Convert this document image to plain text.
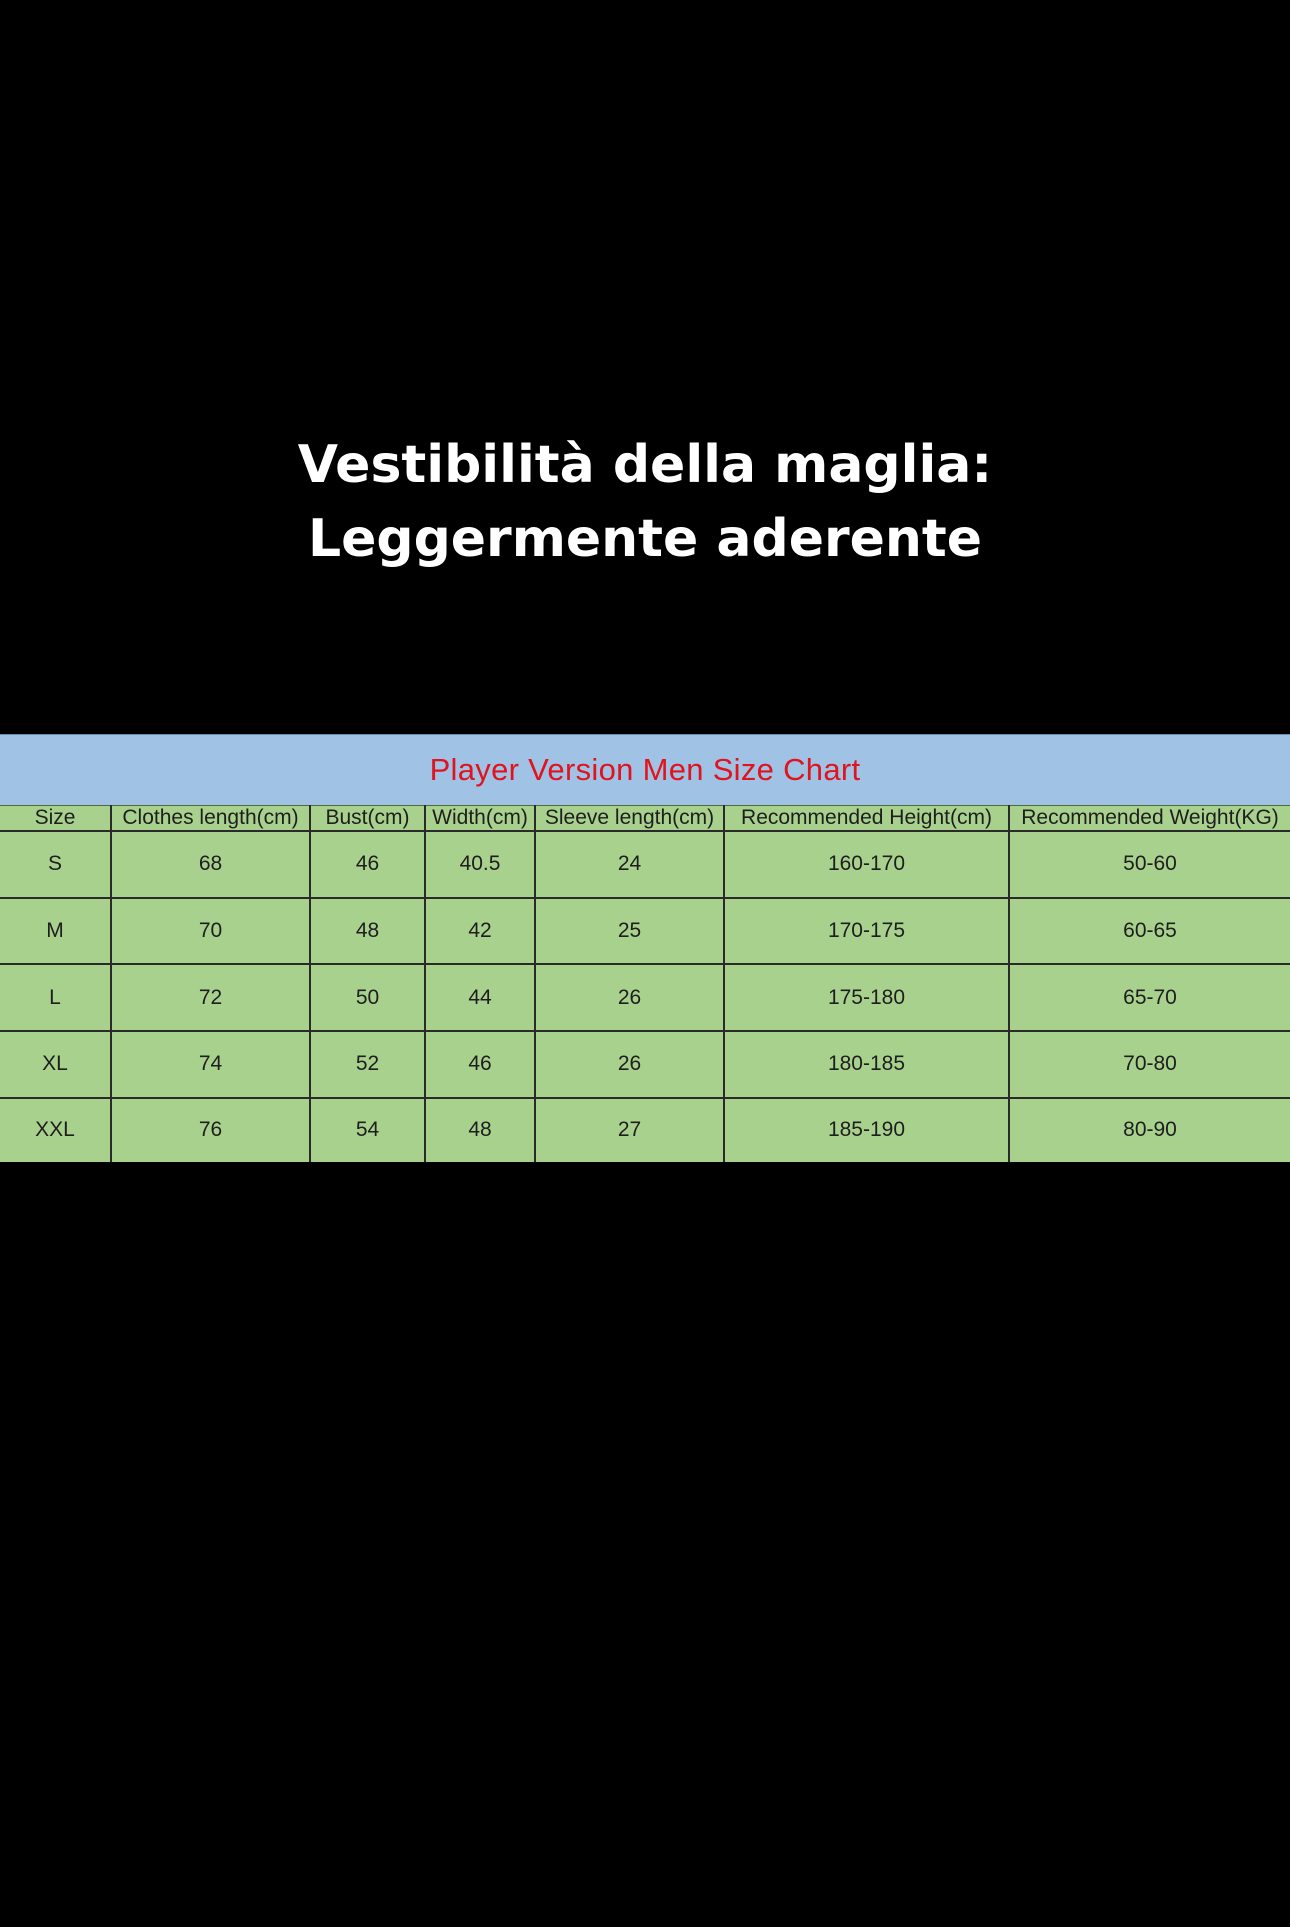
Vestibilità della maglia:
Leggermente aderente
Player Version Men Size Chart
Size	Clothes length(cm)	Bust(cm)	Width(cm)	Sleeve length(cm)	Recommended Height(cm)	Recommended Weight(KG)
S	68	46	40.5	24	160-170	50-60
M	70	48	42	25	170-175	60-65
L	72	50	44	26	175-180	65-70
XL	74	52	46	26	180-185	70-80
XXL	76	54	48	27	185-190	80-90
